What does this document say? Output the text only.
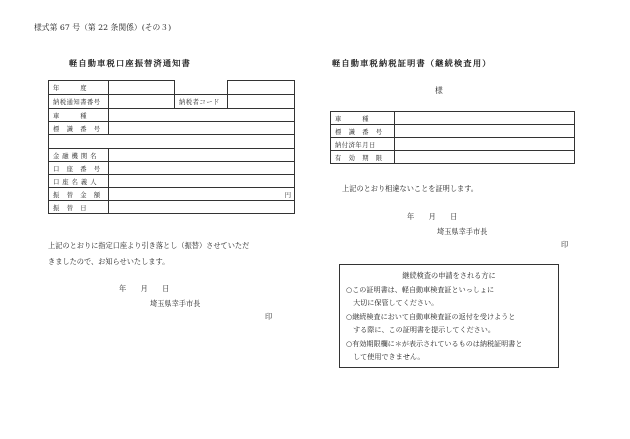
様式第 67 号（第 22 条関係）(その３)
軽自動車税口座振替済通知書
年　　　度			
納税通知書番号		納税者コード	
車　　　種			
標　識　番　号			

金 融 機 関 名			
口　座　番　号			
口 座 名 義 人			
振　替　金　額	円		
振　替　日			
上記のとおりに指定口座より引き落とし（振替）させていただ
きましたので、お知らせいたします。
年　　月　　日
埼玉県幸手市長
印
軽自動車税納税証明書（継続検査用）
様
車　　　種	
標　識　番　号	
納付済年月日	
有　効　期　限	
上記のとおり相違ないことを証明します。
年　　月　　日
埼玉県幸手市長
印
継続検査の申請をされる方に
○この証明書は、軽自動車検査証といっしょに
　大切に保管してください。
○継続検査において自動車検査証の返付を受けようと
　する際に、この証明書を提示してください。
○有効期限欄に＊が表示されているものは納税証明書と
　して使用できません。
